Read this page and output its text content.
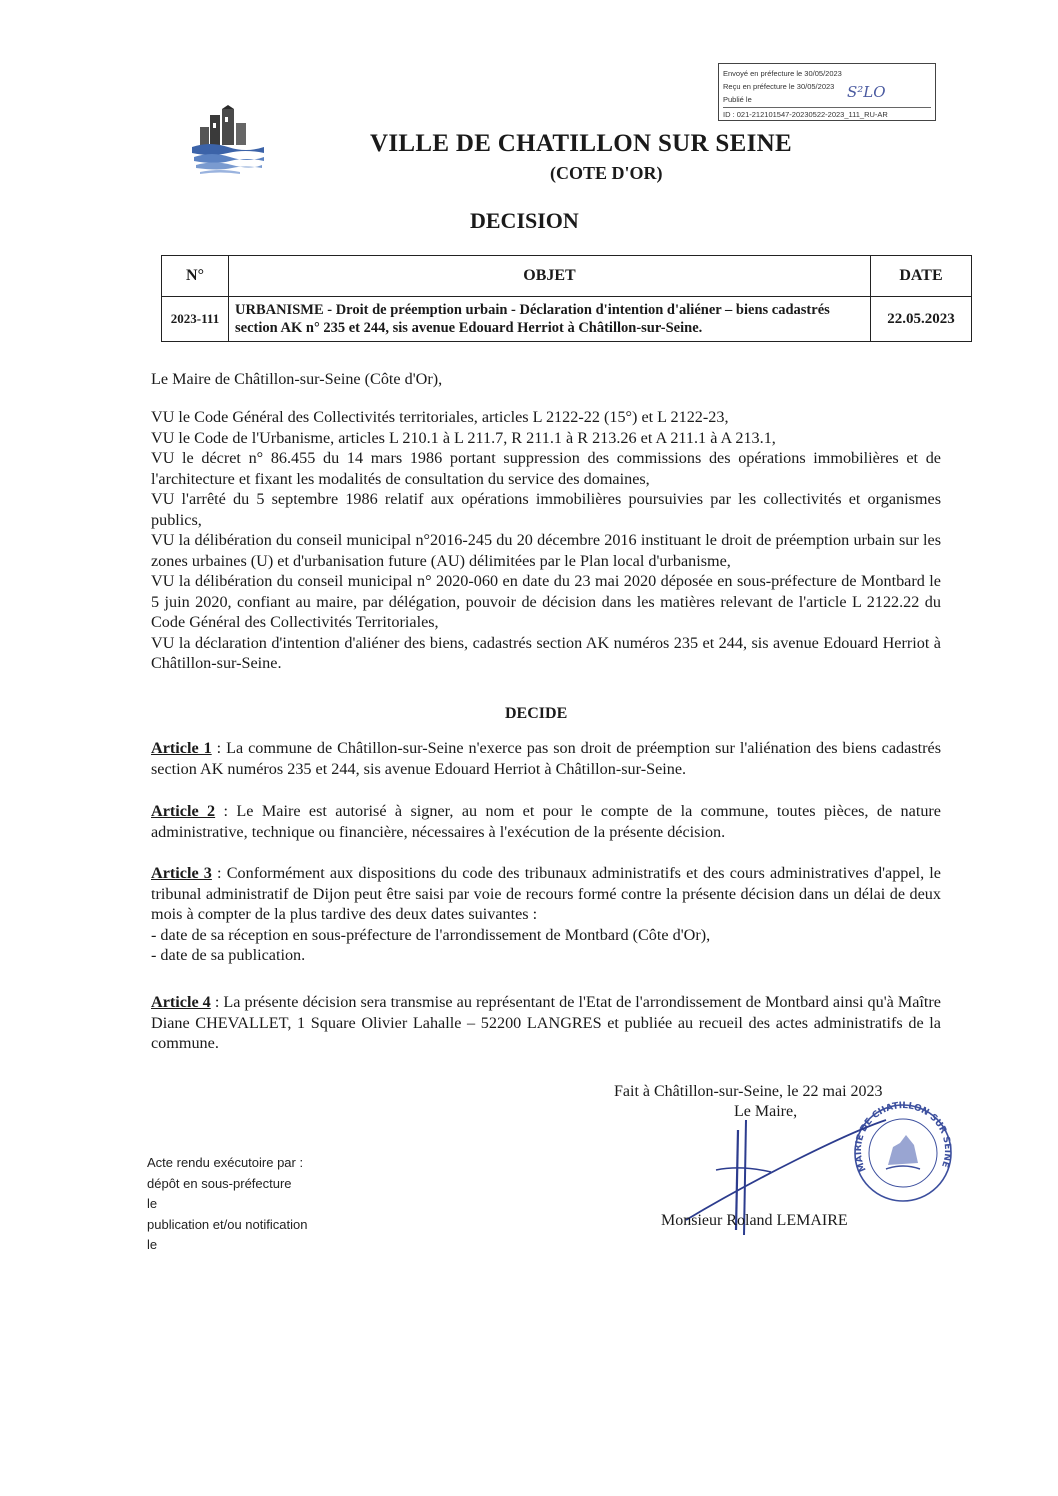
Envoyé en préfecture le 30/05/2023
Reçu en préfecture le 30/05/2023
Publié le	S²LO
ID : 021-212101547-20230522-2023_111_RU-AR
VILLE DE CHATILLON SUR SEINE
(COTE D'OR)
DECISION
N°	OBJET	DATE
2023-111	URBANISME - Droit de préemption urbain - Déclaration d'intention d'aliéner – biens cadastrés section AK n° 235 et 244, sis avenue Edouard Herriot à Châtillon-sur-Seine.	22.05.2023

Le Maire de Châtillon-sur-Seine (Côte d'Or),

VU le Code Général des Collectivités territoriales, articles L 2122-22 (15°) et L 2122-23,

VU le Code de l'Urbanisme, articles L 210.1 à L 211.7, R 211.1 à R 213.26 et A 211.1 à A 213.1,

VU le décret n° 86.455 du 14 mars 1986 portant suppression des commissions des opérations immobilières et de l'architecture et fixant les modalités de consultation du service des domaines,

VU l'arrêté du 5 septembre 1986 relatif aux opérations immobilières poursuivies par les collectivités et organismes publics,

VU la délibération du conseil municipal n°2016-245 du 20 décembre 2016 instituant le droit de préemption urbain sur les zones urbaines (U) et d'urbanisation future (AU) délimitées par le Plan local d'urbanisme,

VU la délibération du conseil municipal n° 2020-060 en date du 23 mai 2020 déposée en sous-préfecture de Montbard le 5 juin 2020, confiant au maire, par délégation, pouvoir de décision dans les matières relevant de l'article L 2122.22 du Code Général des Collectivités Territoriales,

VU la déclaration d'intention d'aliéner des biens, cadastrés section AK numéros 235 et 244, sis avenue Edouard Herriot à Châtillon-sur-Seine.

DECIDE

Article 1 : La commune de Châtillon-sur-Seine n'exerce pas son droit de préemption sur l'aliénation des biens cadastrés section AK numéros 235 et 244, sis avenue Edouard Herriot à Châtillon-sur-Seine.

Article 2 : Le Maire est autorisé à signer, au nom et pour le compte de la commune, toutes pièces, de nature administrative, technique ou financière, nécessaires à l'exécution de la présente décision.

Article 3 : Conformément aux dispositions du code des tribunaux administratifs et des cours administratives d'appel, le tribunal administratif de Dijon peut être saisi par voie de recours formé contre la présente décision dans un délai de deux mois à compter de la plus tardive des deux dates suivantes :

- date de sa réception en sous-préfecture de l'arrondissement de Montbard (Côte d'Or),

- date de sa publication.

Article 4 : La présente décision sera transmise au représentant de l'Etat de l'arrondissement de Montbard ainsi qu'à Maître Diane CHEVALLET, 1 Square Olivier Lahalle – 52200 LANGRES et publiée au recueil des actes administratifs de la commune.

Fait à Châtillon-sur-Seine, le 22 mai 2023
Le Maire,
MAIRIE DE CHATILLON SUR SEINE
Monsieur Roland LEMAIRE
Acte rendu exécutoire par :
dépôt en sous-préfecture
le
publication et/ou notification
le
